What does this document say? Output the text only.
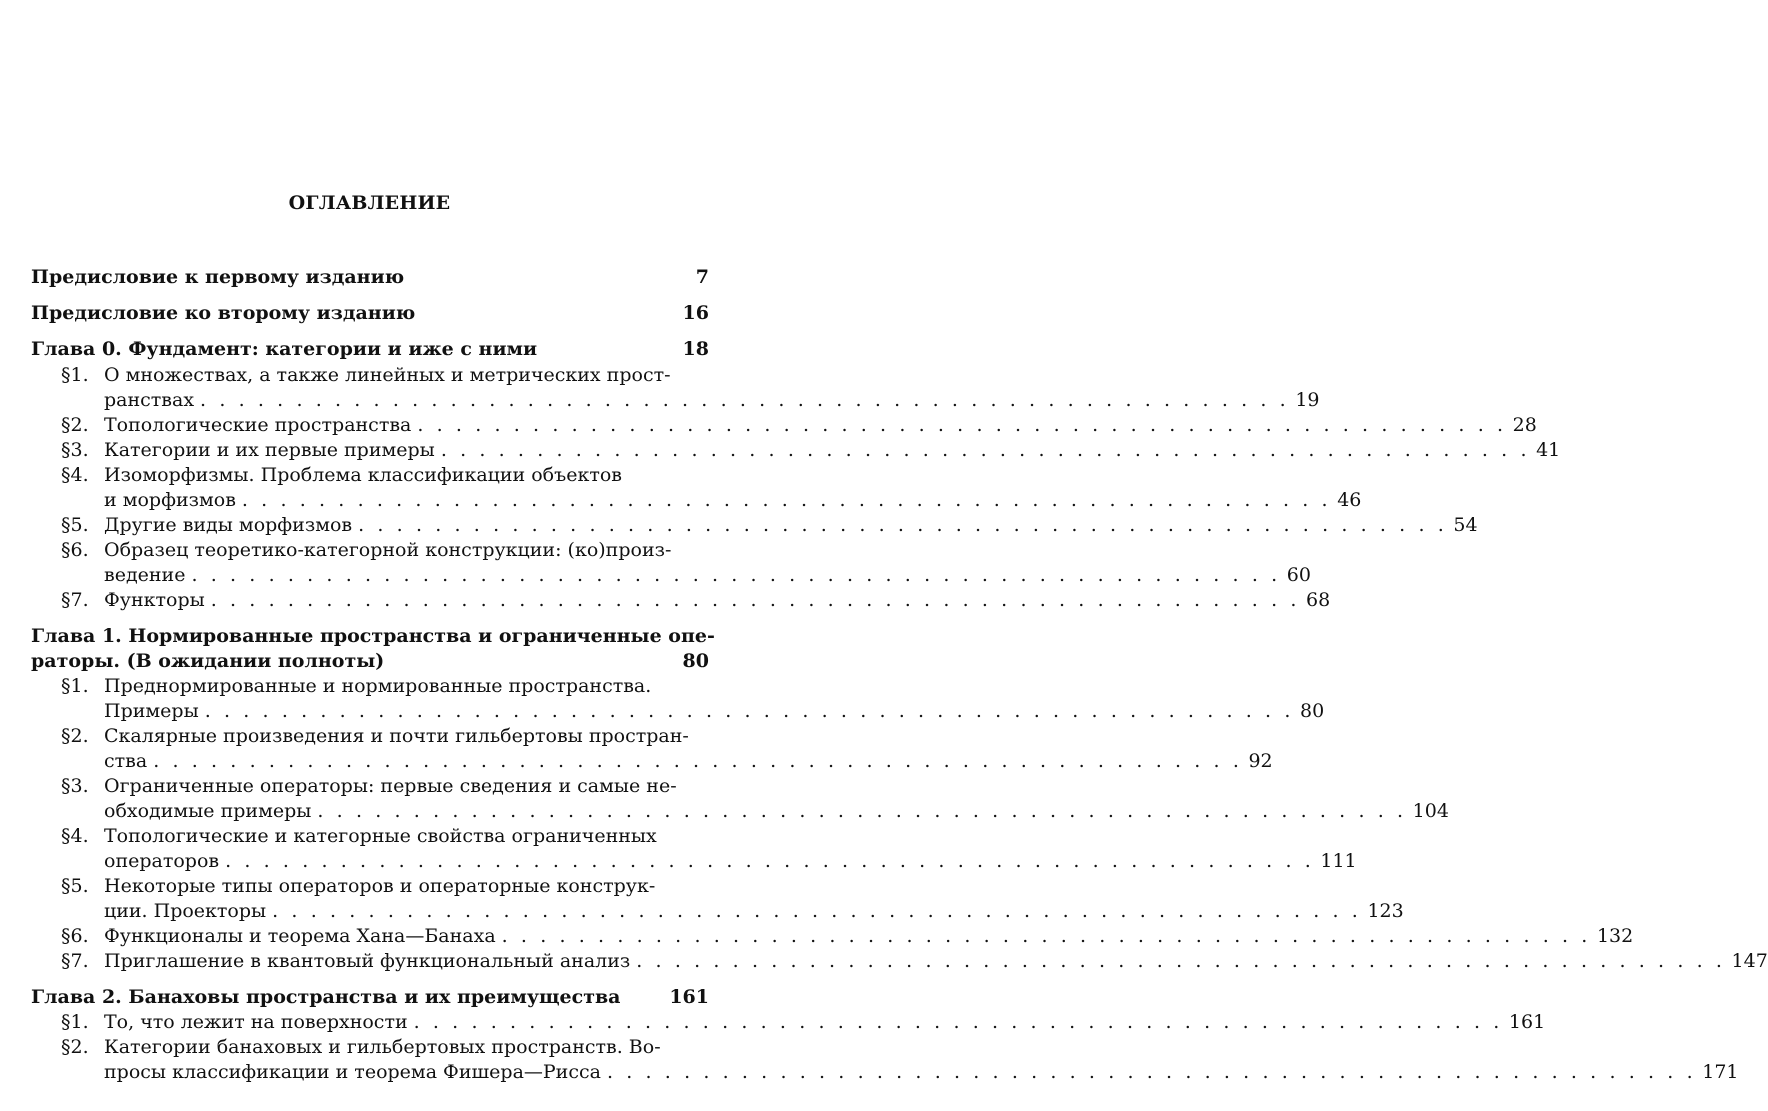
ОГЛАВЛЕНИЕ
Предисловие к первому изданию	7
Предисловие ко второму изданию	16
Глава 0. Фундамент: категории и иже с ними	18
§1. О множествах, а также линейных и метрических прост-
ранствах . . . . . . . . . . . . . . . . . . . . . . . . . . . . . . . . . . . . . . . . . . . . . . . . . . . . . . . . . 19
§2. Топологические пространства . . . . . . . . . . . . . . . . . . . . . . . . . . . . . . . . . . . . . . . . . . . . . . . . . . . . . . . . . 28
§3. Категории и их первые примеры . . . . . . . . . . . . . . . . . . . . . . . . . . . . . . . . . . . . . . . . . . . . . . . . . . . . . . . . . 41
§4. Изоморфизмы. Проблема классификации объектов
и морфизмов . . . . . . . . . . . . . . . . . . . . . . . . . . . . . . . . . . . . . . . . . . . . . . . . . . . . . . . . . 46
§5. Другие виды морфизмов . . . . . . . . . . . . . . . . . . . . . . . . . . . . . . . . . . . . . . . . . . . . . . . . . . . . . . . . . 54
§6. Образец теоретико-категорной конструкции: (ко)произ-
ведение . . . . . . . . . . . . . . . . . . . . . . . . . . . . . . . . . . . . . . . . . . . . . . . . . . . . . . . . . 60
§7. Функторы . . . . . . . . . . . . . . . . . . . . . . . . . . . . . . . . . . . . . . . . . . . . . . . . . . . . . . . . . 68
Глава 1. Нормированные пространства и ограниченные опе-
раторы. (В ожидании полноты)	80
§1. Преднормированные и нормированные пространства.
Примеры . . . . . . . . . . . . . . . . . . . . . . . . . . . . . . . . . . . . . . . . . . . . . . . . . . . . . . . . . 80
§2. Скалярные произведения и почти гильбертовы простран-
ства . . . . . . . . . . . . . . . . . . . . . . . . . . . . . . . . . . . . . . . . . . . . . . . . . . . . . . . . . 92
§3. Ограниченные операторы: первые сведения и самые не-
обходимые примеры . . . . . . . . . . . . . . . . . . . . . . . . . . . . . . . . . . . . . . . . . . . . . . . . . . . . . . . . . 104
§4. Топологические и категорные свойства ограниченных
операторов . . . . . . . . . . . . . . . . . . . . . . . . . . . . . . . . . . . . . . . . . . . . . . . . . . . . . . . . . 111
§5. Некоторые типы операторов и операторные конструк-
ции. Проекторы . . . . . . . . . . . . . . . . . . . . . . . . . . . . . . . . . . . . . . . . . . . . . . . . . . . . . . . . . 123
§6. Функционалы и теорема Хана—Банаха . . . . . . . . . . . . . . . . . . . . . . . . . . . . . . . . . . . . . . . . . . . . . . . . . . . . . . . . . 132
§7. Приглашение в квантовый функциональный анализ . . . . . . . . . . . . . . . . . . . . . . . . . . . . . . . . . . . . . . . . . . . . . . . . . . . . . . . . . 147
Глава 2. Банаховы пространства и их преимущества	161
§1. То, что лежит на поверхности . . . . . . . . . . . . . . . . . . . . . . . . . . . . . . . . . . . . . . . . . . . . . . . . . . . . . . . . . 161
§2. Категории банаховых и гильбертовых пространств. Во-
просы классификации и теорема Фишера—Рисса . . . . . . . . . . . . . . . . . . . . . . . . . . . . . . . . . . . . . . . . . . . . . . . . . . . . . . . . . 171
